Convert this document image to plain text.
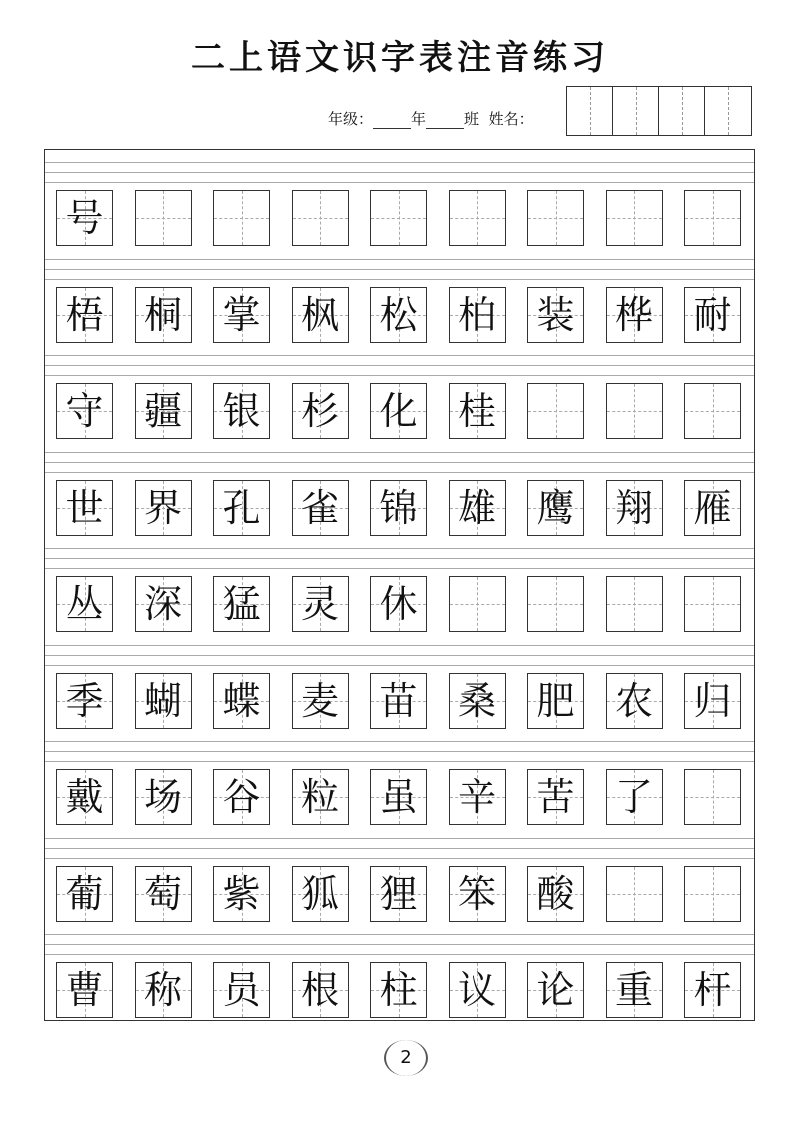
二上语文识字表注音练习
年级：	年	班 姓名：
号
梧 桐 掌 枫 松 柏 装 桦 耐
守 疆 银 杉 化 桂
世 界 孔 雀 锦 雄 鹰 翔 雁
丛 深 猛 灵 休
季 蝴 蝶 麦 苗 桑 肥 农 归
戴 场 谷 粒 虽 辛 苦 了
葡 萄 紫 狐 狸 笨 酸
曹 称 员 根 柱 议 论 重 杆
2
